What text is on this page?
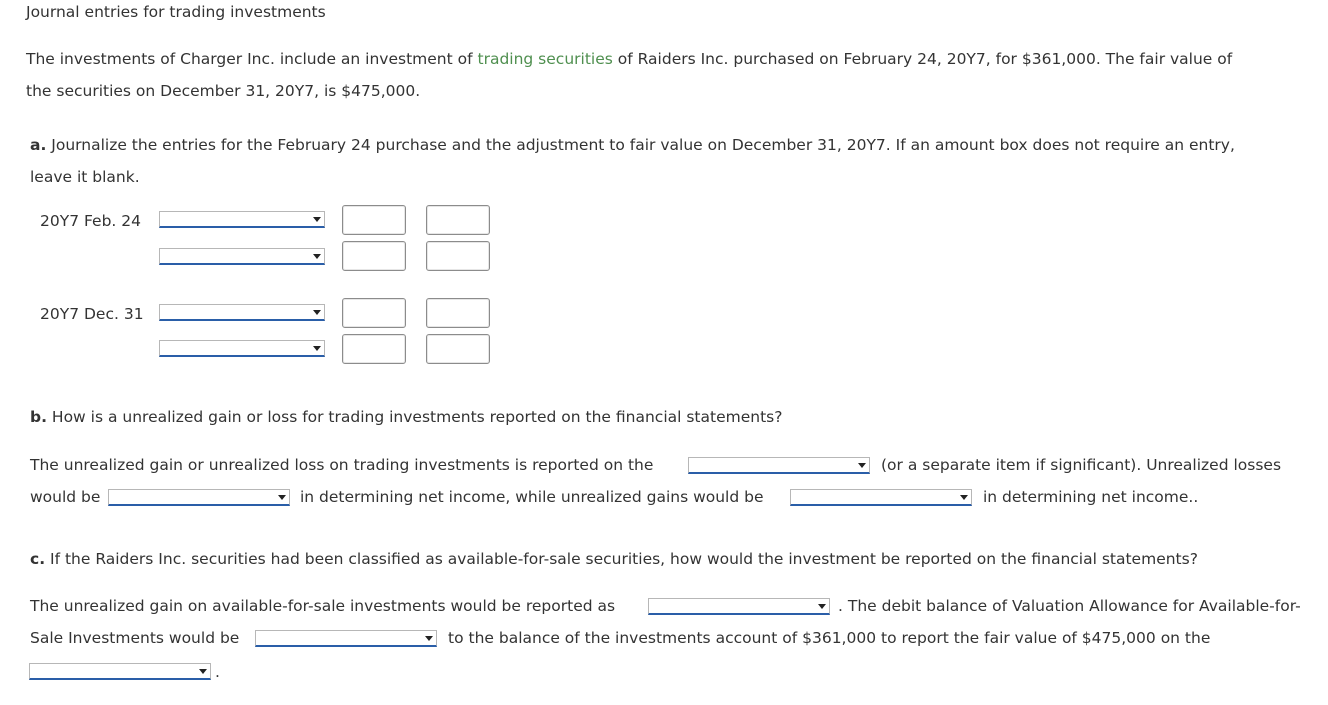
Journal entries for trading investments
The investments of Charger Inc. include an investment of trading securities of Raiders Inc. purchased on February 24, 20Y7, for $361,000. The fair value of
the securities on December 31, 20Y7, is $475,000.
a. Journalize the entries for the February 24 purchase and the adjustment to fair value on December 31, 20Y7. If an amount box does not require an entry,
leave it blank.
20Y7 Feb. 24
20Y7 Dec. 31
b. How is a unrealized gain or loss for trading investments reported on the financial statements?
The unrealized gain or unrealized loss on trading investments is reported on the	(or a separate item if significant). Unrealized losses
would be	in determining net income, while unrealized gains would be	in determining net income..
c. If the Raiders Inc. securities had been classified as available-for-sale securities, how would the investment be reported on the financial statements?
The unrealized gain on available-for-sale investments would be reported as	. The debit balance of Valuation Allowance for Available-for-
Sale Investments would be	to the balance of the investments account of $361,000 to report the fair value of $475,000 on the
.
